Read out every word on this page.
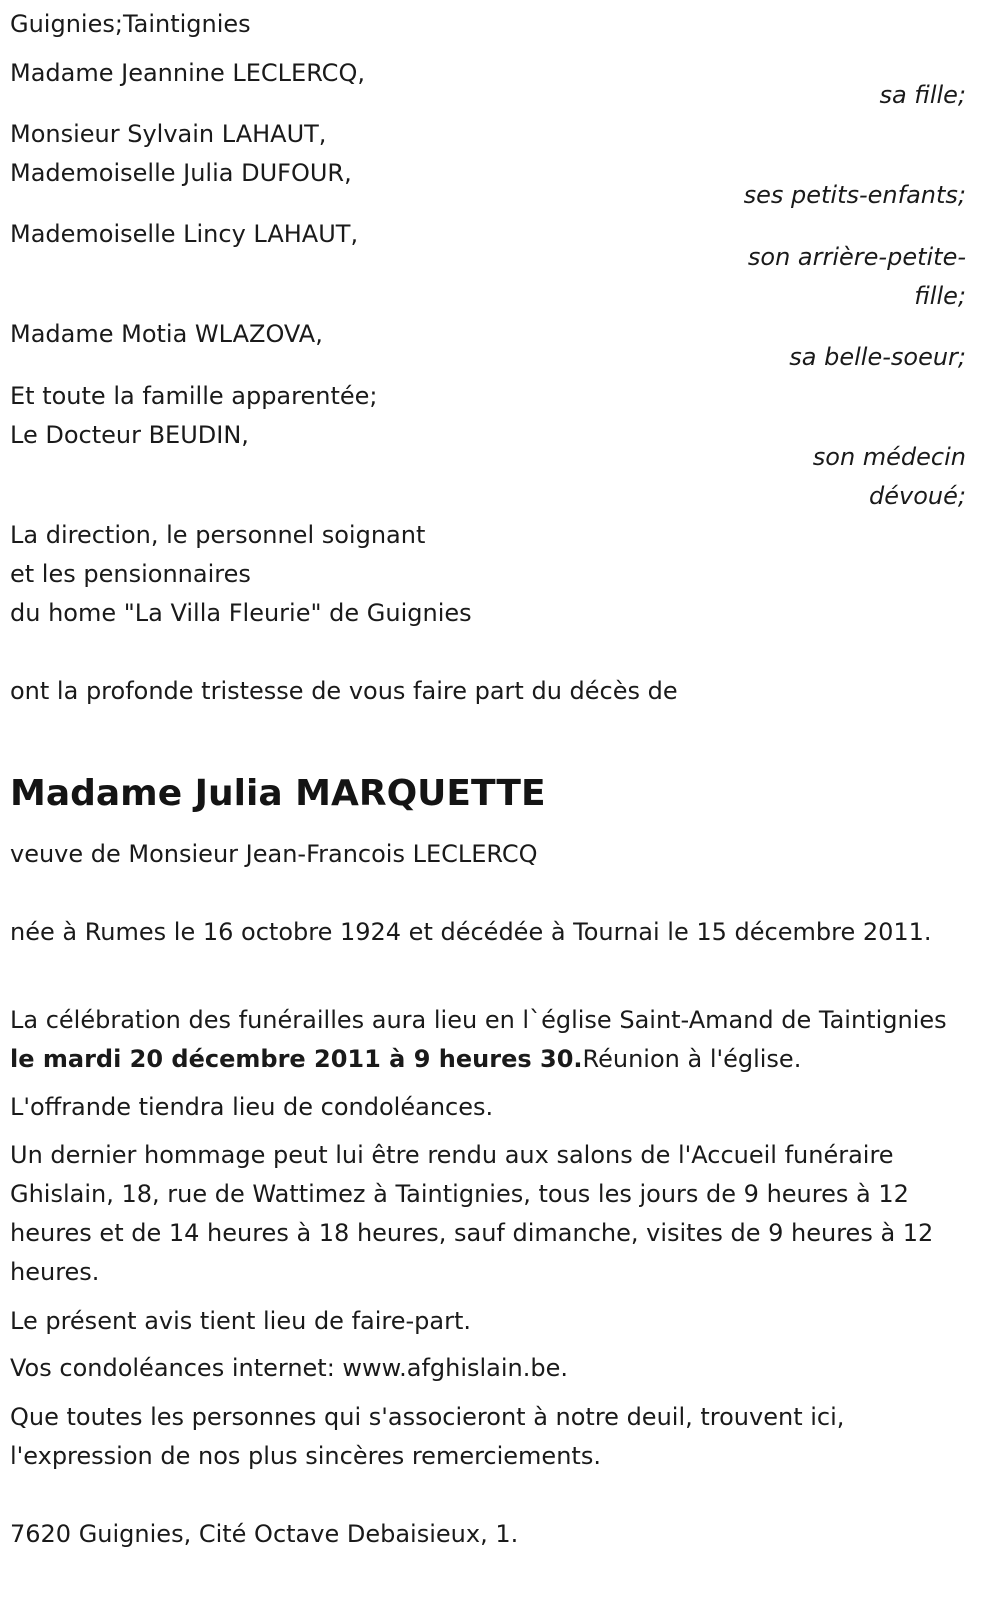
Guignies;Taintignies
Madame Jeannine LECLERCQ,
sa fille;
Monsieur Sylvain LAHAUT,
Mademoiselle Julia DUFOUR,
ses petits-enfants;
Mademoiselle Lincy LAHAUT,
son arrière-petite-
fille;
Madame Motia WLAZOVA,
sa belle-soeur;
Et toute la famille apparentée;
Le Docteur BEUDIN,
son médecin
dévoué;
La direction, le personnel soignant
et les pensionnaires
du home "La Villa Fleurie" de Guignies
ont la profonde tristesse de vous faire part du décès de
Madame Julia MARQUETTE
veuve de Monsieur Jean-Francois LECLERCQ

née à Rumes le 16 octobre 1924 et décédée à Tournai le 15 décembre 2011.

La célébration des funérailles aura lieu en l`église Saint-Amand de Taintignies le mardi 20 décembre 2011 à 9 heures 30.Réunion à l'église.

L'offrande tiendra lieu de condoléances.

Un dernier hommage peut lui être rendu aux salons de l'Accueil funéraire Ghislain, 18, rue de Wattimez à Taintignies, tous les jours de 9 heures à 12 heures et de 14 heures à 18 heures, sauf dimanche, visites de 9 heures à 12 heures.

Le présent avis tient lieu de faire-part.

Vos condoléances internet: www.afghislain.be.

Que toutes les personnes qui s'associeront à notre deuil, trouvent ici, l'expression de nos plus sincères remerciements.

7620 Guignies, Cité Octave Debaisieux, 1.
